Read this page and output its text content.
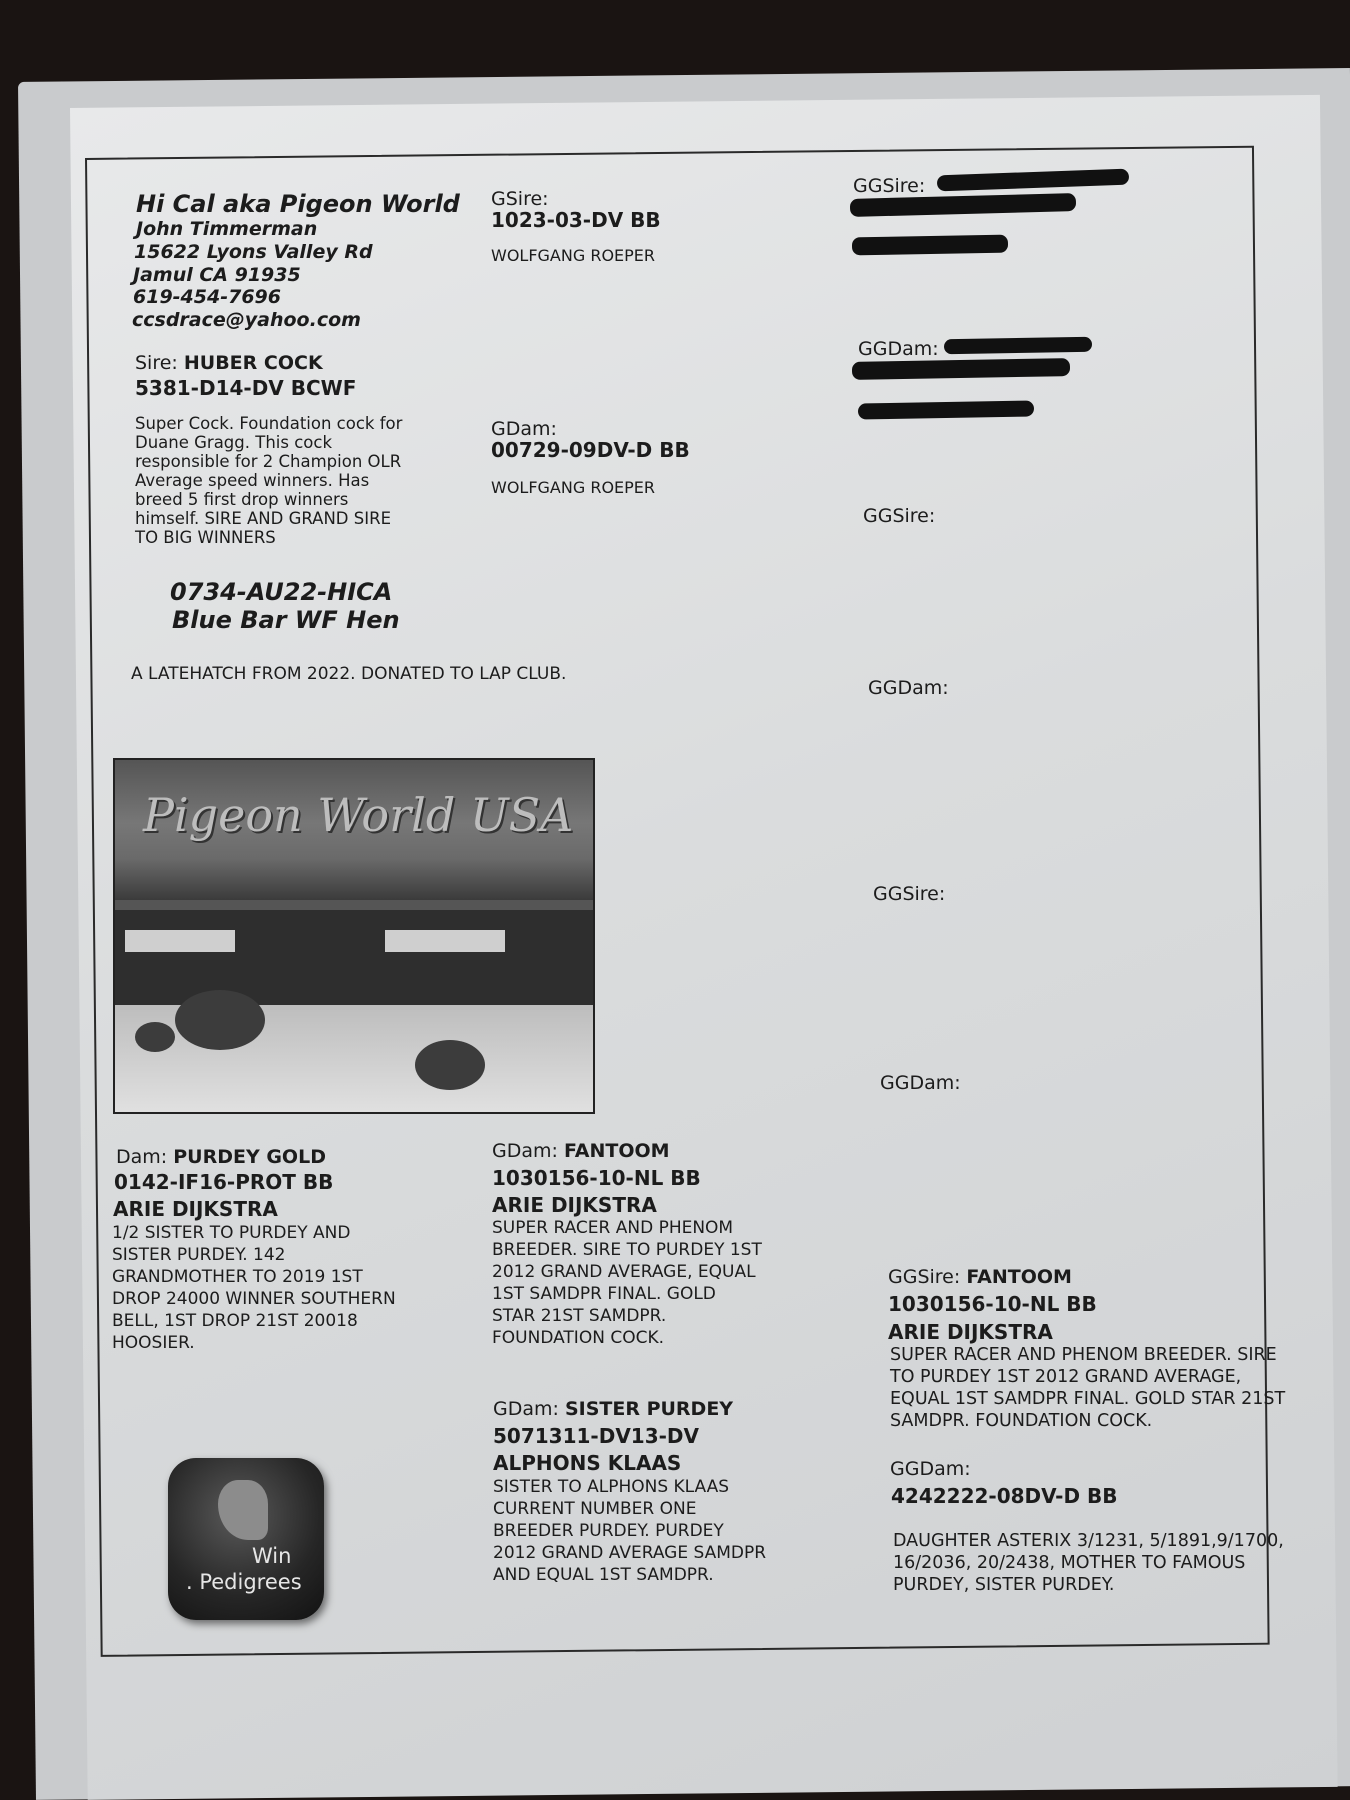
Hi Cal aka Pigeon World
John Timmerman
15622 Lyons Valley Rd
Jamul CA 91935
619-454-7696
ccsdrace@yahoo.com
Sire: HUBER COCK
5381-D14-DV BCWF
Super Cock. Foundation cock for
Duane Gragg. This cock
responsible for 2 Champion OLR
Average speed winners. Has
breed 5 first drop winners
himself. SIRE AND GRAND SIRE
TO BIG WINNERS
0734-AU22-HICA
Blue Bar WF Hen
A LATEHATCH FROM 2022. DONATED TO LAP CLUB.
GSire:
1023-03-DV BB
WOLFGANG ROEPER
GDam:
00729-09DV-D BB
WOLFGANG ROEPER
GGSire:
GGDam:
GGSire:
GGDam:
GGSire:
GGDam:
Pigeon World USA
Dam: PURDEY GOLD
0142-IF16-PROT BB
ARIE DIJKSTRA
1/2 SISTER TO PURDEY AND
SISTER PURDEY. 142
GRANDMOTHER TO 2019 1ST
DROP 24000 WINNER SOUTHERN
BELL, 1ST DROP 21ST 20018
HOOSIER.
GDam: FANTOOM
1030156-10-NL BB
ARIE DIJKSTRA
SUPER RACER AND PHENOM
BREEDER. SIRE TO PURDEY 1ST
2012 GRAND AVERAGE, EQUAL
1ST SAMDPR FINAL. GOLD
STAR 21ST SAMDPR.
FOUNDATION COCK.
GDam: SISTER PURDEY
5071311-DV13-DV
ALPHONS KLAAS
SISTER TO ALPHONS KLAAS
CURRENT NUMBER ONE
BREEDER PURDEY. PURDEY
2012 GRAND AVERAGE SAMDPR
AND EQUAL 1ST SAMDPR.
GGSire: FANTOOM
1030156-10-NL BB
ARIE DIJKSTRA
SUPER RACER AND PHENOM BREEDER. SIRE
TO PURDEY 1ST 2012 GRAND AVERAGE,
EQUAL 1ST SAMDPR FINAL. GOLD STAR 21ST
SAMDPR. FOUNDATION COCK.
GGDam:
4242222-08DV-D BB
DAUGHTER ASTERIX 3/1231, 5/1891,9/1700,
16/2036, 20/2438, MOTHER TO FAMOUS
PURDEY, SISTER PURDEY.
Win
. Pedigrees
